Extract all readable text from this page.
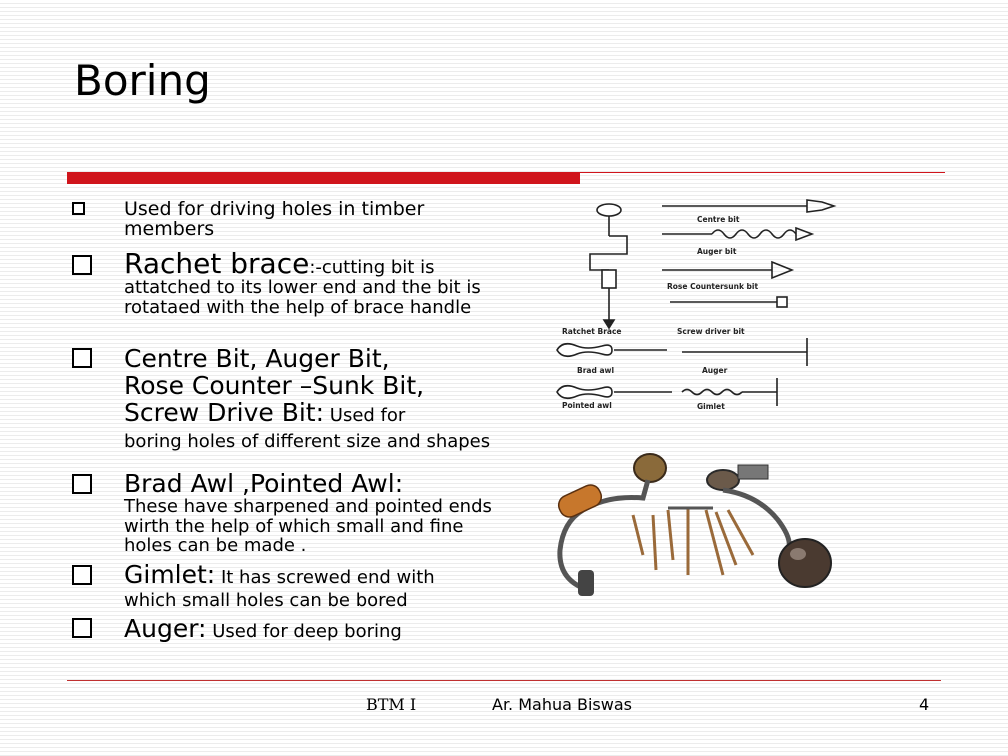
Boring
Used for driving holes in timber members
Rachet brace:-cutting bit is attatched to its lower end and the bit is rotataed with the help of brace handle
Centre Bit, Auger Bit,
Rose Counter –Sunk Bit,
Screw Drive Bit: Used for
boring holes of different size and shapes
Brad Awl ,Pointed Awl:
These have sharpened and pointed ends wirth the help of which small and fine holes can be made .
Gimlet: It has screwed end with
which small holes can be bored
Auger: Used for deep boring
Centre bit
Auger bit
Rose Countersunk bit
Ratchet Brace	Screw driver bit
Brad awl	Auger
Pointed awl	Gimlet
BTM I	Ar. Mahua Biswas	4
